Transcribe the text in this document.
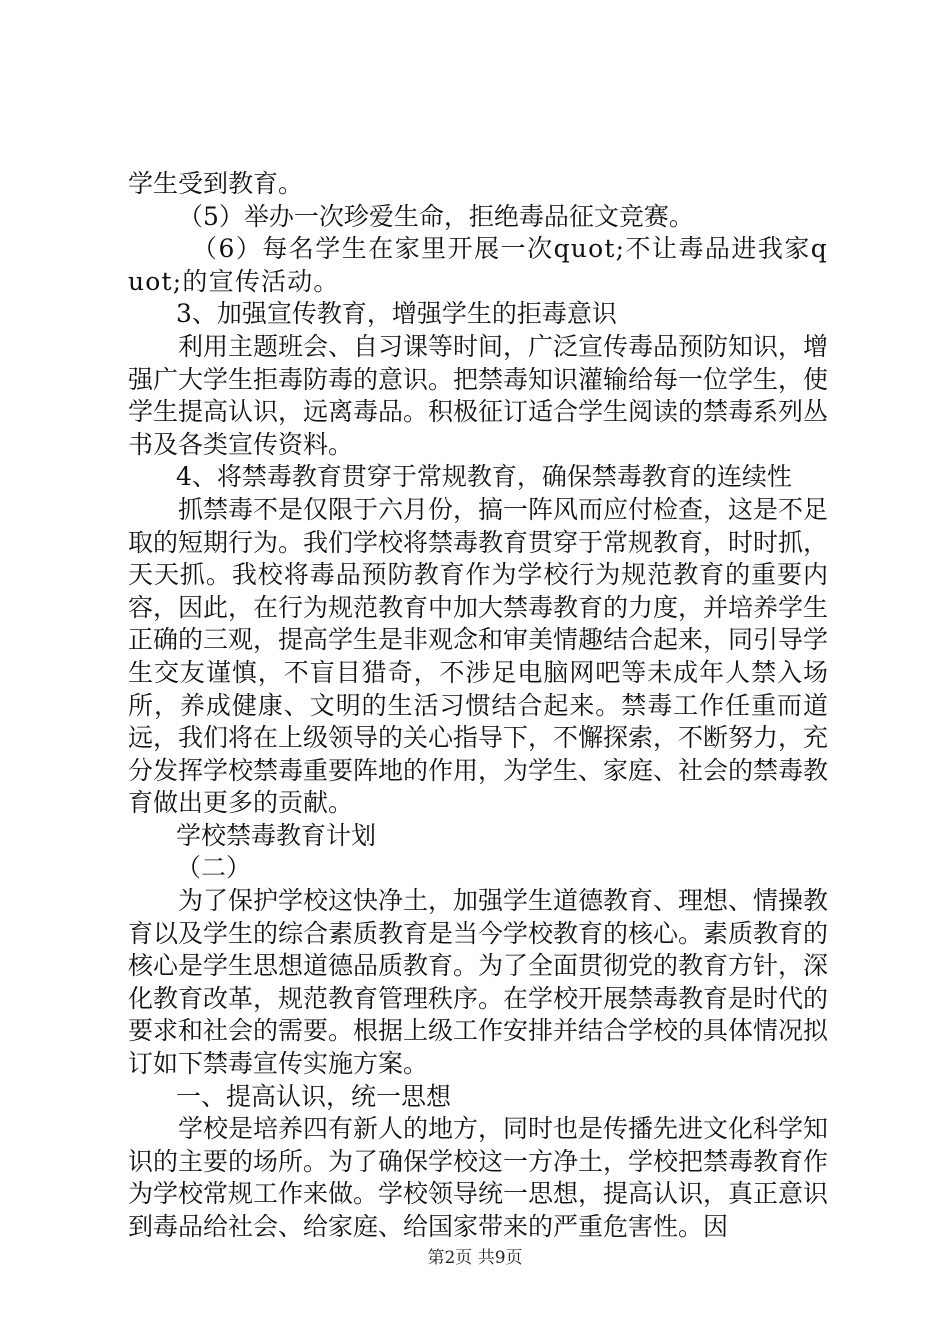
学生受到教育。

（5）举办一次珍爱生命，拒绝毒品征文竞赛。

（6）每名学生在家里开展一次quot;不让毒品进我家quot;的宣传活动。

3、加强宣传教育，增强学生的拒毒意识

利用主题班会、自习课等时间，广泛宣传毒品预防知识，增强广大学生拒毒防毒的意识。把禁毒知识灌输给每一位学生，使学生提高认识，远离毒品。积极征订适合学生阅读的禁毒系列丛书及各类宣传资料。

4、将禁毒教育贯穿于常规教育，确保禁毒教育的连续性

抓禁毒不是仅限于六月份，搞一阵风而应付检查，这是不足取的短期行为。我们学校将禁毒教育贯穿于常规教育，时时抓，天天抓。我校将毒品预防教育作为学校行为规范教育的重要内容，因此，在行为规范教育中加大禁毒教育的力度，并培养学生正确的三观，提高学生是非观念和审美情趣结合起来，同引导学生交友谨慎，不盲目猎奇，不涉足电脑网吧等未成年人禁入场所，养成健康、文明的生活习惯结合起来。禁毒工作任重而道远，我们将在上级领导的关心指导下，不懈探索，不断努力，充分发挥学校禁毒重要阵地的作用，为学生、家庭、社会的禁毒教育做出更多的贡献。

学校禁毒教育计划

（二）

为了保护学校这快净土，加强学生道德教育、理想、情操教育以及学生的综合素质教育是当今学校教育的核心。素质教育的核心是学生思想道德品质教育。为了全面贯彻党的教育方针，深化教育改革，规范教育管理秩序。在学校开展禁毒教育是时代的要求和社会的需要。根据上级工作安排并结合学校的具体情况拟订如下禁毒宣传实施方案。

一、提高认识，统一思想

学校是培养四有新人的地方，同时也是传播先进文化科学知识的主要的场所。为了确保学校这一方净土，学校把禁毒教育作为学校常规工作来做。学校领导统一思想，提高认识，真正意识到毒品给社会、给家庭、给国家带来的严重危害性。因

第2页 共9页
